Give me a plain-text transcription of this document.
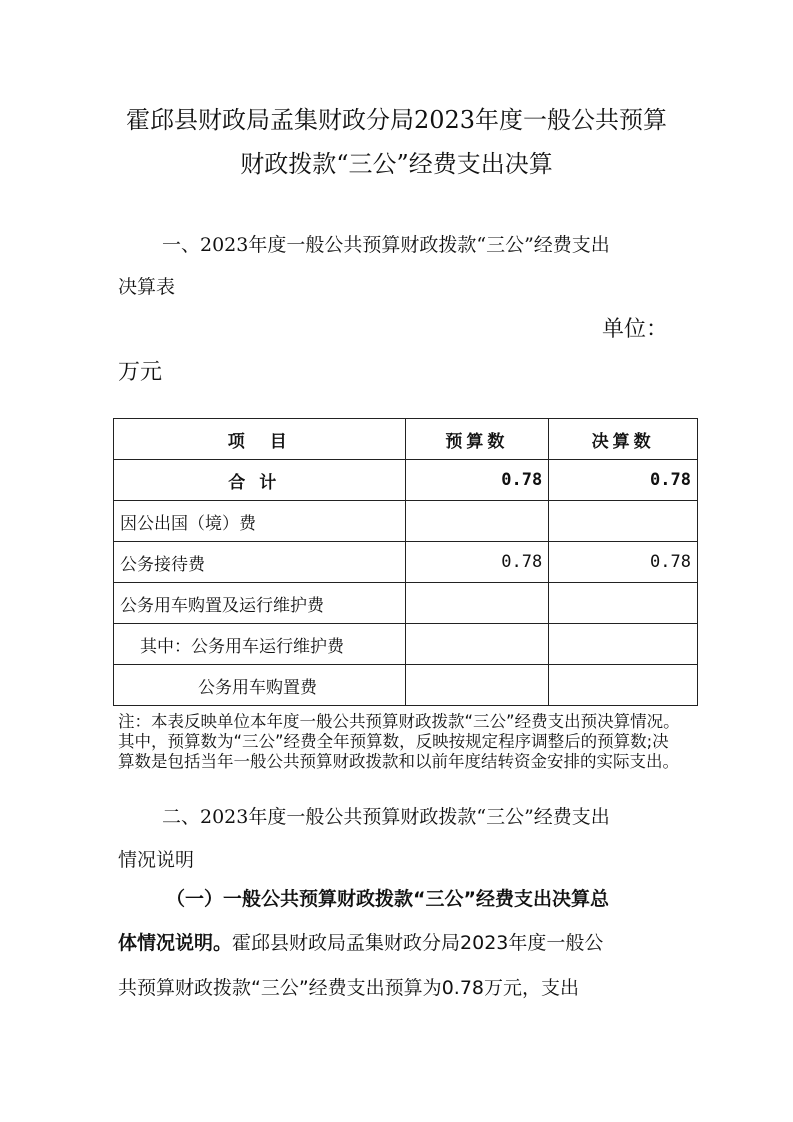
霍邱县财政局孟集财政分局2023年度一般公共预算
财政拨款“三公”经费支出决算
一、2023年度一般公共预算财政拨款“三公”经费支出
决算表
单位：
万元
项　目	预算数	决算数
合计	0.78	0.78
因公出国（境）费		
公务接待费	0.78	0.78
公务用车购置及运行维护费		
其中：公务用车运行维护费		
公务用车购置费		
注：本表反映单位本年度一般公共预算财政拨款“三公”经费支出预决算情况。其中，预算数为“三公”经费全年预算数，反映按规定程序调整后的预算数;决算数是包括当年一般公共预算财政拨款和以前年度结转资金安排的实际支出。
二、2023年度一般公共预算财政拨款“三公”经费支出
情况说明
（一）一般公共预算财政拨款“三公”经费支出决算总
体情况说明。霍邱县财政局孟集财政分局2023年度一般公
共预算财政拨款“三公”经费支出预算为0.78万元，支出
